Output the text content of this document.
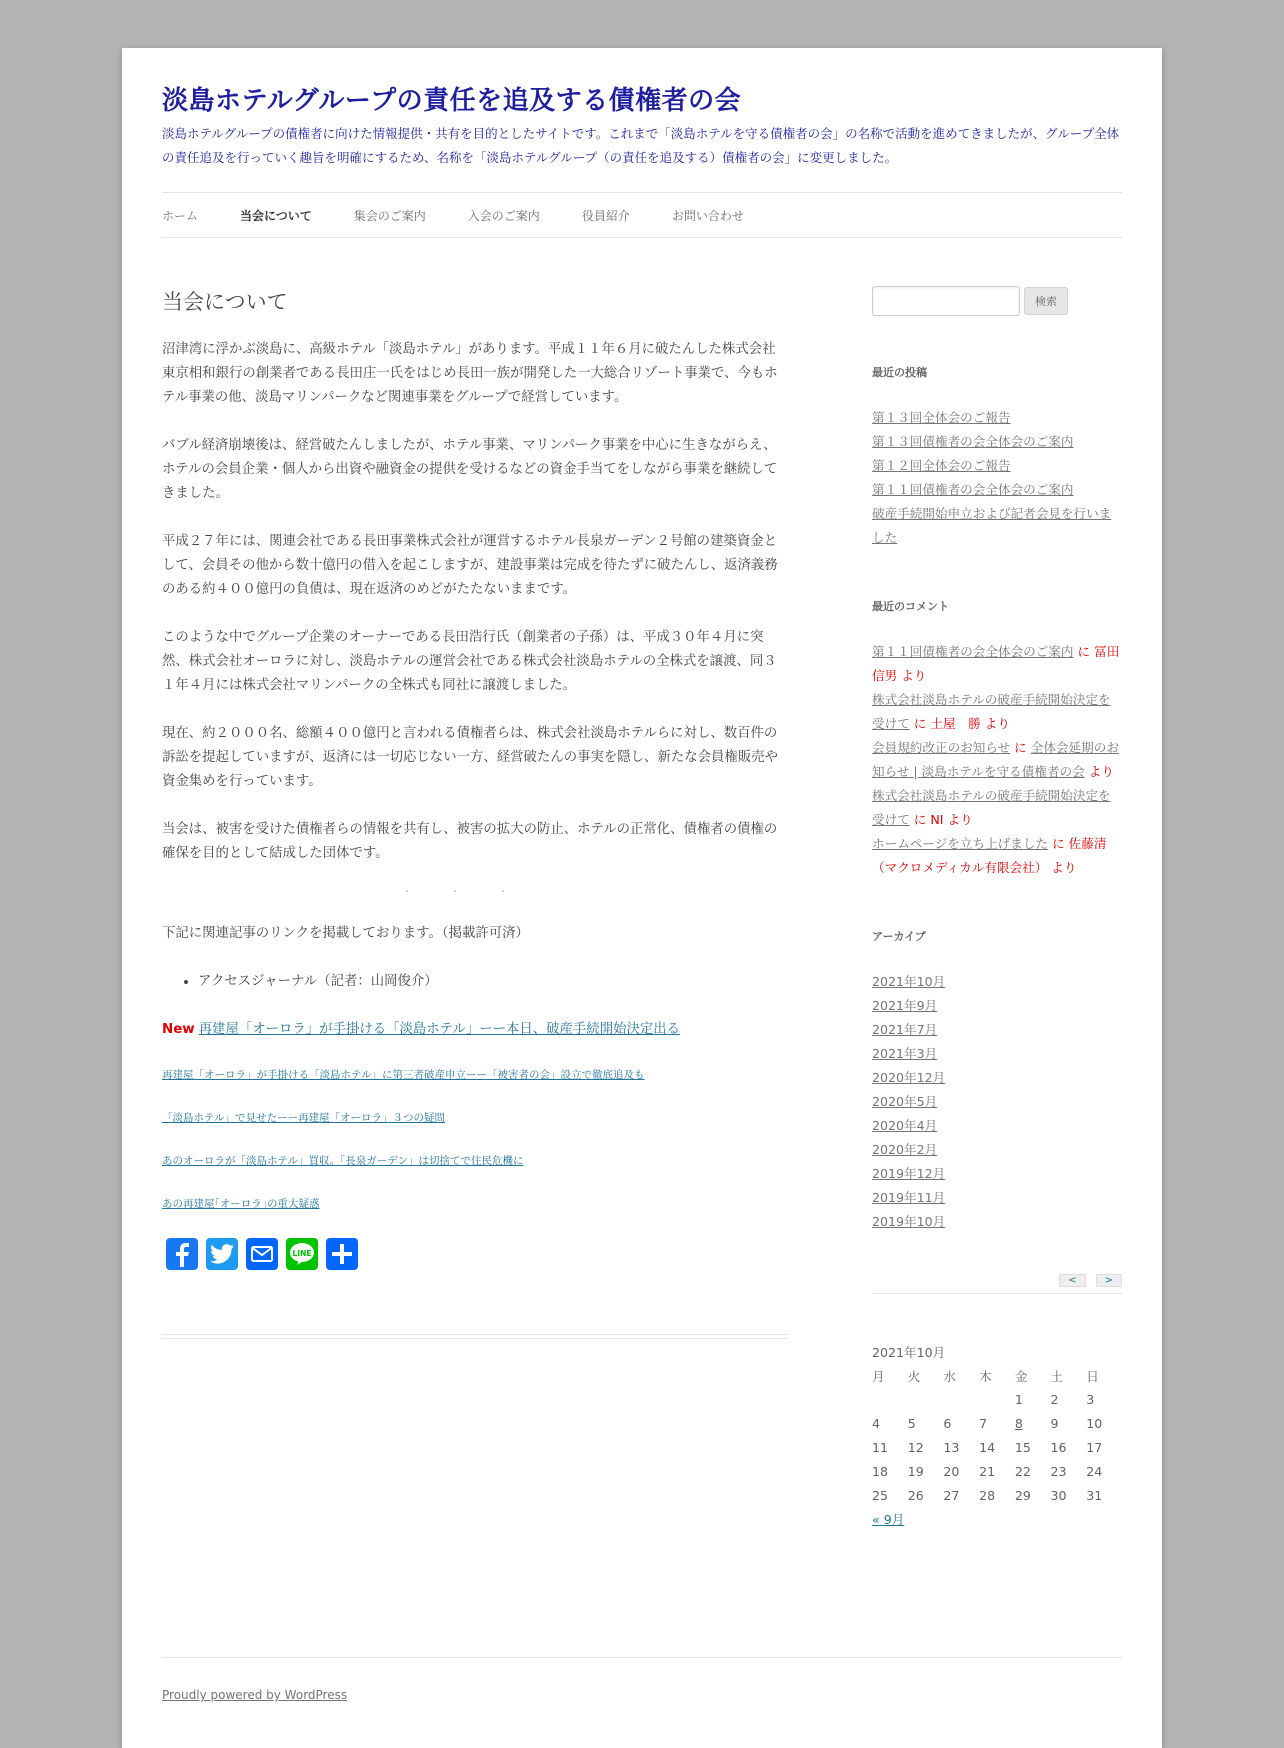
淡島ホテルグループの責任を追及する債権者の会
淡島ホテルグループの債権者に向けた情報提供・共有を目的としたサイトです。これまで「淡島ホテルを守る債権者の会」の名称で活動を進めてきましたが、グループ全体の責任追及を行っていく趣旨を明確にするため、名称を「淡島ホテルグループ（の責任を追及する）債権者の会」に変更しました。
ホーム	当会について	集会のご案内	入会のご案内	役員紹介	お問い合わせ
当会について

沼津湾に浮かぶ淡島に、高級ホテル「淡島ホテル」があります。平成１１年６月に破たんした株式会社東京相和銀行の創業者である長田庄一氏をはじめ長田一族が開発した一大総合リゾート事業で、今もホテル事業の他、淡島マリンパークなど関連事業をグループで経営しています。

バブル経済崩壊後は、経営破たんしましたが、ホテル事業、マリンパーク事業を中心に生きながらえ、ホテルの会員企業・個人から出資や融資金の提供を受けるなどの資金手当てをしながら事業を継続してきました。

平成２７年には、関連会社である長田事業株式会社が運営するホテル長泉ガーデン２号館の建築資金として、会員その他から数十億円の借入を起こしますが、建設事業は完成を待たずに破たんし、返済義務のある約４００億円の負債は、現在返済のめどがたたないままです。

このような中でグループ企業のオーナーである長田浩行氏（創業者の子孫）は、平成３０年４月に突然、株式会社オーロラに対し、淡島ホテルの運営会社である株式会社淡島ホテルの全株式を譲渡、同３１年４月には株式会社マリンパークの全株式も同社に譲渡しました。

現在、約２０００名、総額４００億円と言われる債権者らは、株式会社淡島ホテルらに対し、数百件の訴訟を提起していますが、返済には一切応じない一方、経営破たんの事実を隠し、新たな会員権販売や資金集めを行っています。

当会は、被害を受けた債権者らの情報を共有し、被害の拡大の防止、ホテルの正常化、債権者の債権の確保を目的として結成した団体です。

・・・

下記に関連記事のリンクを掲載しております。（掲載許可済）

• アクセスジャーナル（記者：山岡俊介）
New 再建屋「オーロラ」が手掛ける「淡島ホテル」ーー本日、破産手続開始決定出る
再建屋「オーロラ」が手掛ける「淡島ホテル」に第三者破産申立ーー「被害者の会」設立で徹底追及も
「淡島ホテル」で見せたーー再建屋「オーロラ」３つの疑問
あのオーロラが「淡島ホテル」買収。「長泉ガーデン」は切捨てで住民危機に
あの再建屋｢オーロラ｣の重大疑惑
LINE
検索
最近の投稿
第１３回全体会のご報告
第１３回債権者の会全体会のご案内
第１２回全体会のご報告
第１１回債権者の会全体会のご案内
破産手続開始申立および記者会見を行いました
最近のコメント
第１１回債権者の会全体会のご案内 に 冨田　信男 より
株式会社淡島ホテルの破産手続開始決定を受けて に 土屋　勝 より
会員規約改正のお知らせ に 全体会延期のお知らせ | 淡島ホテルを守る債権者の会 より
株式会社淡島ホテルの破産手続開始決定を受けて に NI より
ホームページを立ち上げました に 佐藤清（マクロメディカル有限会社） より
アーカイブ
2021年10月
2021年9月
2021年7月
2021年3月
2020年12月
2020年5月
2020年4月
2020年2月
2019年12月
2019年11月
2019年10月
<	>
2021年10月
月	火	水	木	金	土	日
				1	2	3
4	5	6	7	8	9	10
11	12	13	14	15	16	17
18	19	20	21	22	23	24
25	26	27	28	29	30	31
« 9月
Proudly powered by WordPress
